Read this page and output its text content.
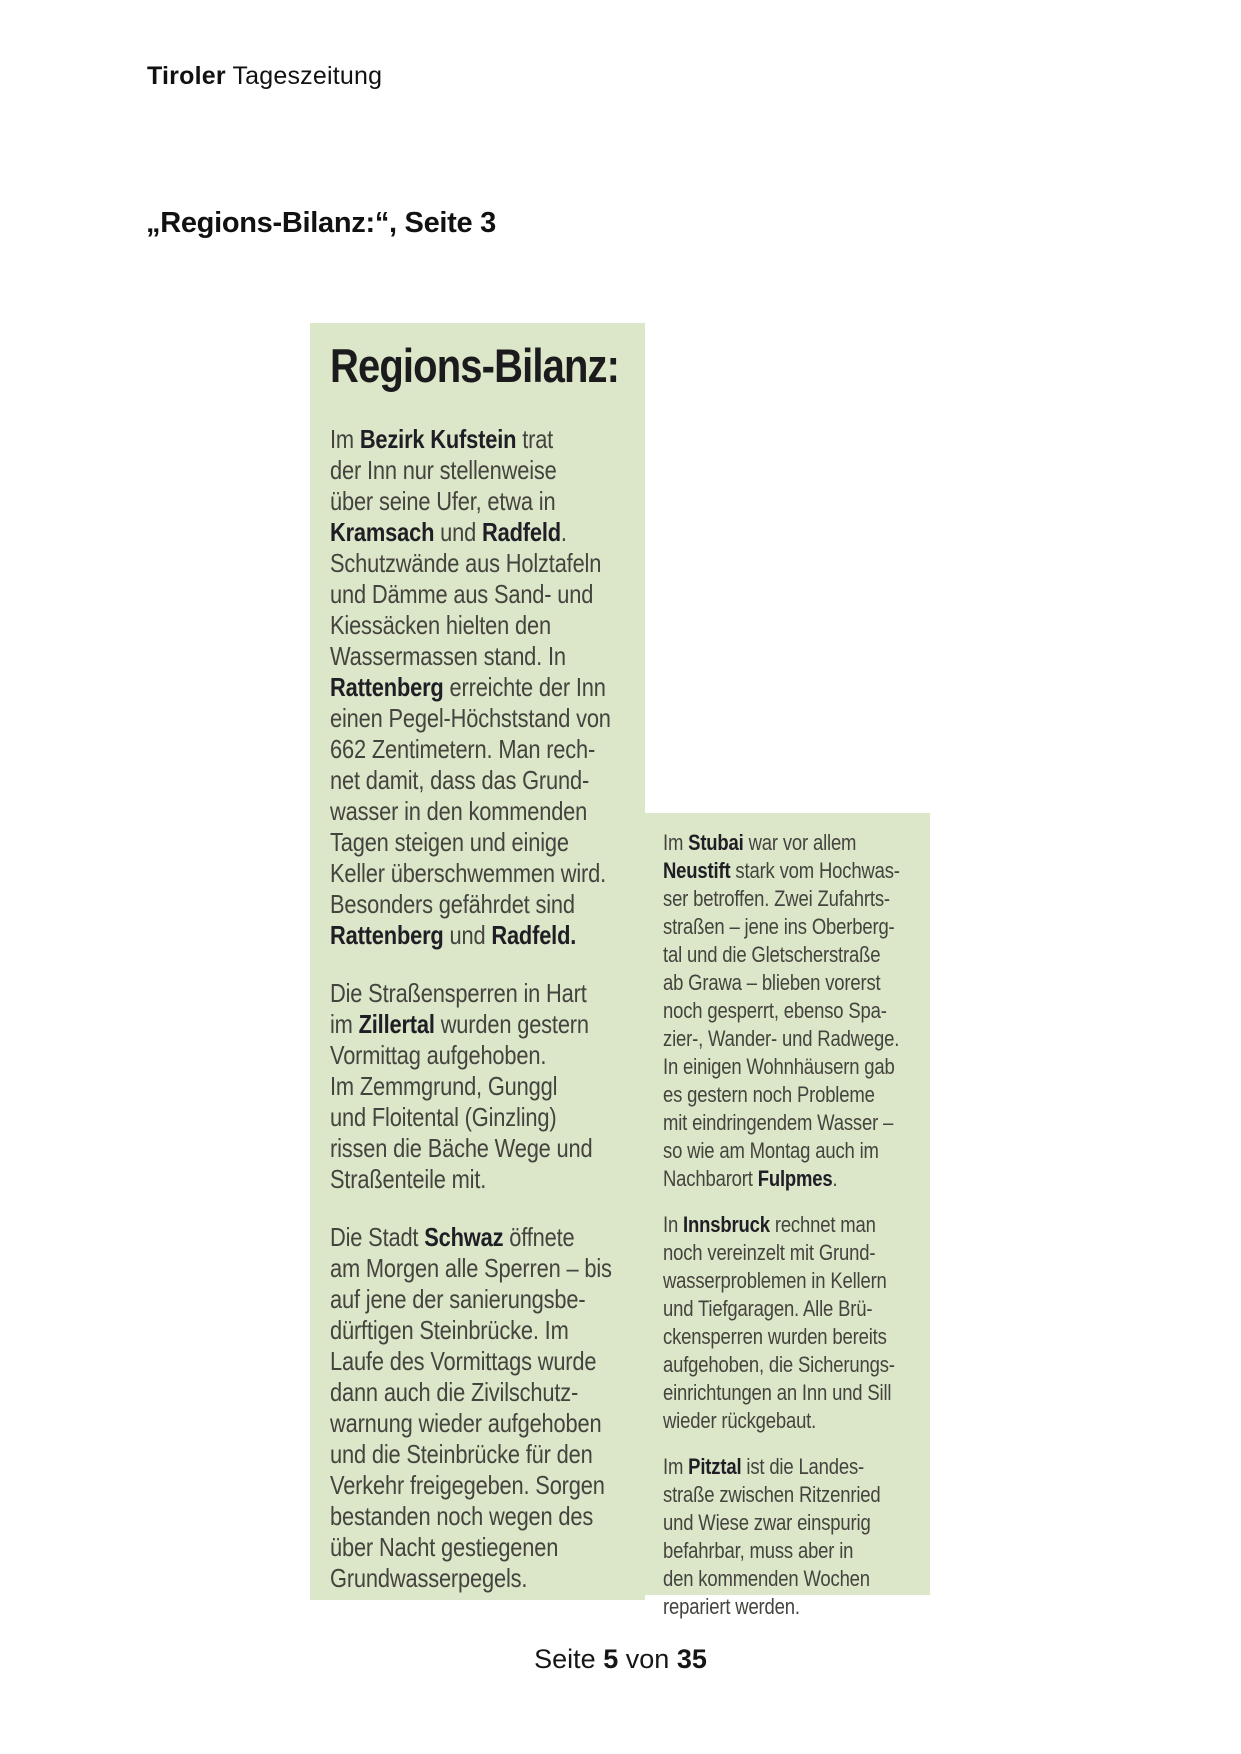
Tiroler Tageszeitung
„Regions-Bilanz:“, Seite 3
Regions-Bilanz:
Im Bezirk Kufstein trat
der Inn nur stellenweise
über seine Ufer, etwa in
Kramsach und Radfeld.
Schutzwände aus Holztafeln
und Dämme aus Sand- und
Kiessäcken hielten den
Wassermassen stand. In
Rattenberg erreichte der Inn
einen Pegel-Höchststand von
662 Zentimetern. Man rech-
net damit, dass das Grund-
wasser in den kommenden
Tagen steigen und einige
Keller überschwemmen wird.
Besonders gefährdet sind
Rattenberg und Radfeld.
Die Straßensperren in Hart
im Zillertal wurden gestern
Vormittag aufgehoben.
Im Zemmgrund, Gunggl
und Floitental (Ginzling)
rissen die Bäche Wege und
Straßenteile mit.
Die Stadt Schwaz öffnete
am Morgen alle Sperren – bis
auf jene der sanierungsbe-
dürftigen Steinbrücke. Im
Laufe des Vormittags wurde
dann auch die Zivilschutz-
warnung wieder aufgehoben
und die Steinbrücke für den
Verkehr freigegeben. Sorgen
bestanden noch wegen des
über Nacht gestiegenen
Grundwasserpegels.
Im Stubai war vor allem
Neustift stark vom Hochwas-
ser betroffen. Zwei Zufahrts-
straßen – jene ins Oberberg-
tal und die Gletscherstraße
ab Grawa – blieben vorerst
noch gesperrt, ebenso Spa-
zier-, Wander- und Radwege.
In einigen Wohnhäusern gab
es gestern noch Probleme
mit eindringendem Wasser –
so wie am Montag auch im
Nachbarort Fulpmes.
In Innsbruck rechnet man
noch vereinzelt mit Grund-
wasserproblemen in Kellern
und Tiefgaragen. Alle Brü-
ckensperren wurden bereits
aufgehoben, die Sicherungs-
einrichtungen an Inn und Sill
wieder rückgebaut.
Im Pitztal ist die Landes-
straße zwischen Ritzenried
und Wiese zwar einspurig
befahrbar, muss aber in
den kommenden Wochen
repariert werden.
Seite 5 von 35
